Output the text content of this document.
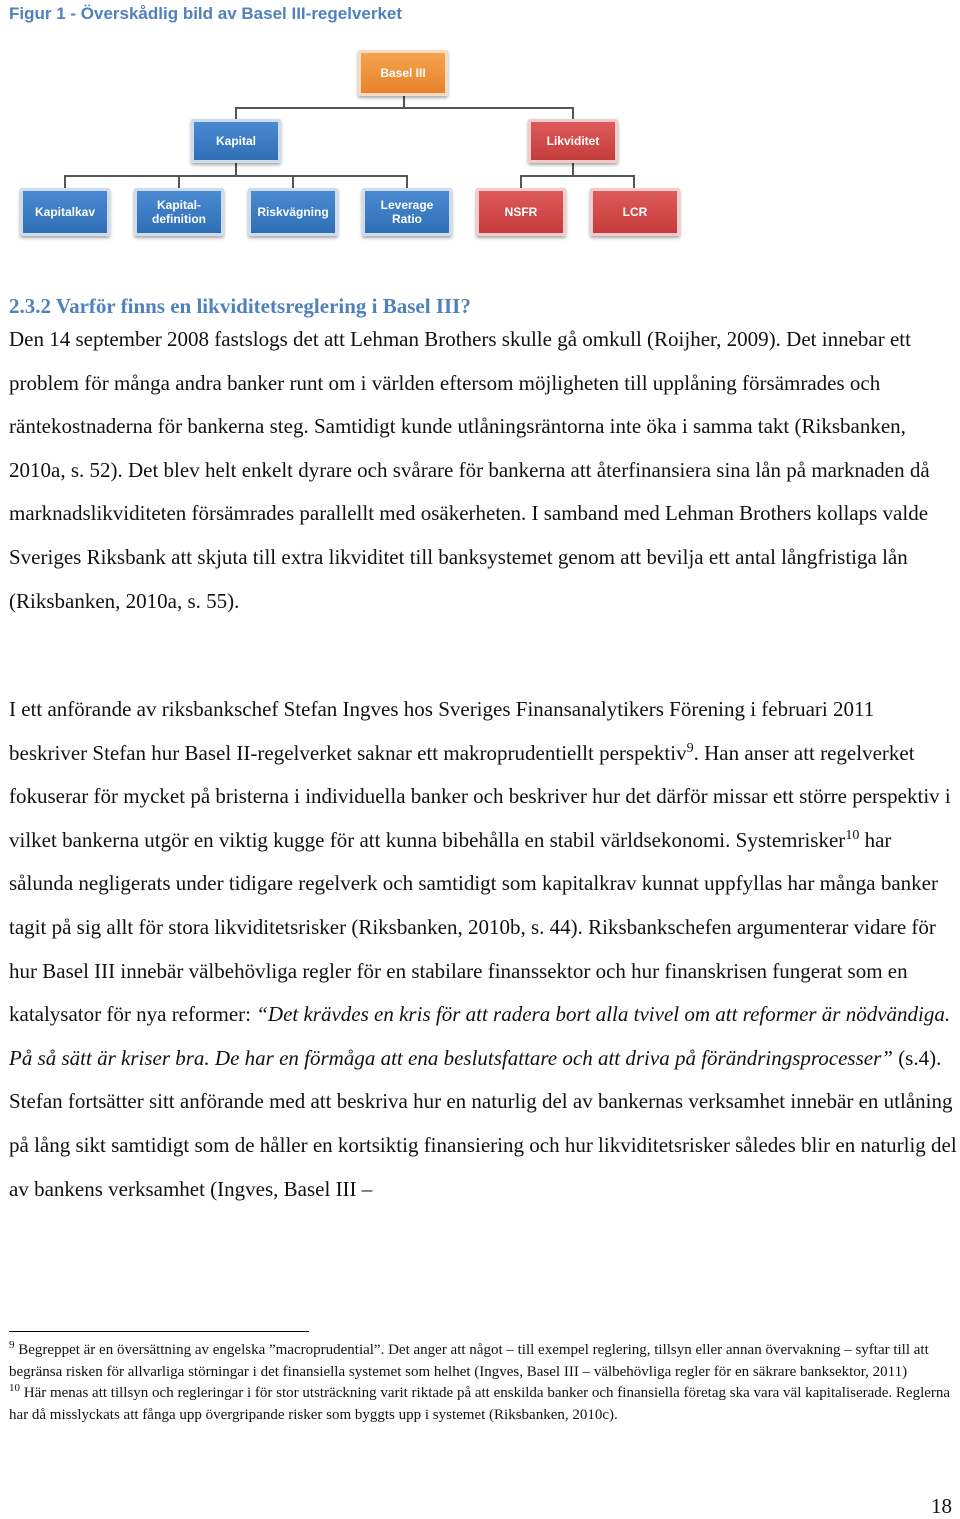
Figur 1 - Överskådlig bild av Basel III-regelverket
Basel III
Kapital	Likviditet
Kapitalkav	Kapital-
definition	Riskvägning	Leverage
Ratio	NSFR	LCR
2.3.2 Varför finns en likviditetsreglering i Basel III?

Den 14 september 2008 fastslogs det att Lehman Brothers skulle gå omkull (Roijher, 2009). Det innebar ett problem för många andra banker runt om i världen eftersom möjligheten till upplåning försämrades och räntekostnaderna för bankerna steg. Samtidigt kunde utlåningsräntorna inte öka i samma takt (Riksbanken, 2010a, s. 52). Det blev helt enkelt dyrare och svårare för bankerna att återfinansiera sina lån på marknaden då marknadslikviditeten försämrades parallellt med osäkerheten. I samband med Lehman Brothers kollaps valde Sveriges Riksbank att skjuta till extra likviditet till banksystemet genom att bevilja ett antal långfristiga lån (Riksbanken, 2010a, s. 55).

I ett anförande av riksbankschef Stefan Ingves hos Sveriges Finansanalytikers Förening i februari 2011 beskriver Stefan hur Basel II-regelverket saknar ett makroprudentiellt perspektiv$^9$. Han anser att regelverket fokuserar för mycket på bristerna i individuella banker och beskriver hur det därför missar ett större perspektiv i vilket bankerna utgör en viktig kugge för att kunna bibehålla en stabil världsekonomi. Systemrisker$^{10}$ har sålunda negligerats under tidigare regelverk och samtidigt som kapitalkrav kunnat uppfyllas har många banker tagit på sig allt för stora likviditetsrisker (Riksbanken, 2010b, s. 44). Riksbankschefen argumenterar vidare för hur Basel III innebär välbehövliga regler för en stabilare finanssektor och hur finanskrisen fungerat som en katalysator för nya reformer: “Det krävdes en kris för att radera bort alla tvivel om att reformer är nödvändiga. På så sätt är kriser bra. De har en förmåga att ena beslutsfattare och att driva på förändringsprocesser” (s.4). Stefan fortsätter sitt anförande med att beskriva hur en naturlig del av bankernas verksamhet innebär en utlåning på lång sikt samtidigt som de håller en kortsiktig finansiering och hur likviditetsrisker således blir en naturlig del av bankens verksamhet (Ingves, Basel III –

$^9$ Begreppet är en översättning av engelska ”macroprudential”. Det anger att något – till exempel reglering, tillsyn eller annan övervakning – syftar till att begränsa risken för allvarliga störningar i det finansiella systemet som helhet (Ingves, Basel III – välbehövliga regler för en säkrare banksektor, 2011)

$^{10}$ Här menas att tillsyn och regleringar i för stor utsträckning varit riktade på att enskilda banker och finansiella företag ska vara väl kapitaliserade. Reglerna har då misslyckats att fånga upp övergripande risker som byggts upp i systemet (Riksbanken, 2010c).

18
